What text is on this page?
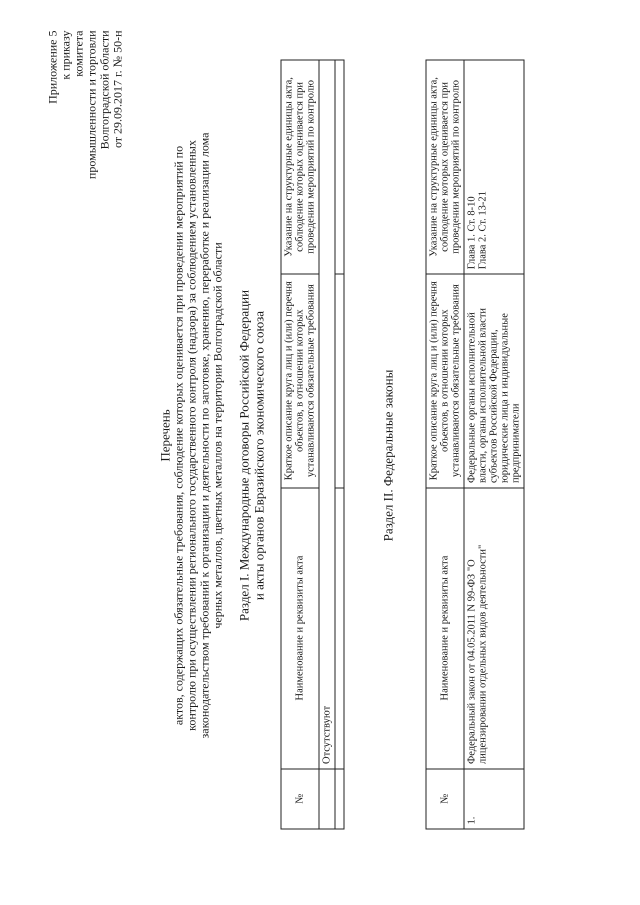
Приложение 5 к приказу комитета промышленности и торговли Волгоградской области от 29.09.2017 г. № 50-н
Перечень актов, содержащих обязательные требования, соблюдение которых оценивается при проведении мероприятий по контролю при осуществлении регионального государственного контроля (надзора) за соблюдением установленных законодательством требований к организации и деятельности по заготовке, хранению, переработке и реализации лома черных металлов, цветных металлов на территории Волгоградской области Раздел I. Международные договоры Российской Федерации и акты органов Евразийского экономического союза
№	Наименование и реквизиты акта	Краткое описание круга лиц и (или) перечня объектов, в отношении которых устанавливаются обязательные требования	Указание на структурные единицы акта, соблюдение которых оценивается при проведении мероприятий по контролю
	Отсутствуют		

Раздел II. Федеральные законы
№	Наименование и реквизиты акта	Краткое описание круга лиц и (или) перечня объектов, в отношении которых устанавливаются обязательные требования	Указание на структурные единицы акта, соблюдение которых оценивается при проведении мероприятий по контролю
1.	Федеральный закон от 04.05.2011 N 99-ФЗ "О лицензировании отдельных видов деятельности"	Федеральные органы исполнительной власти, органы исполнительной власти субъектов Российской Федерации, юридические лица и индивидуальные предприниматели	Глава 1. Ст. 8-10 Глава 2. Ст. 13-21
